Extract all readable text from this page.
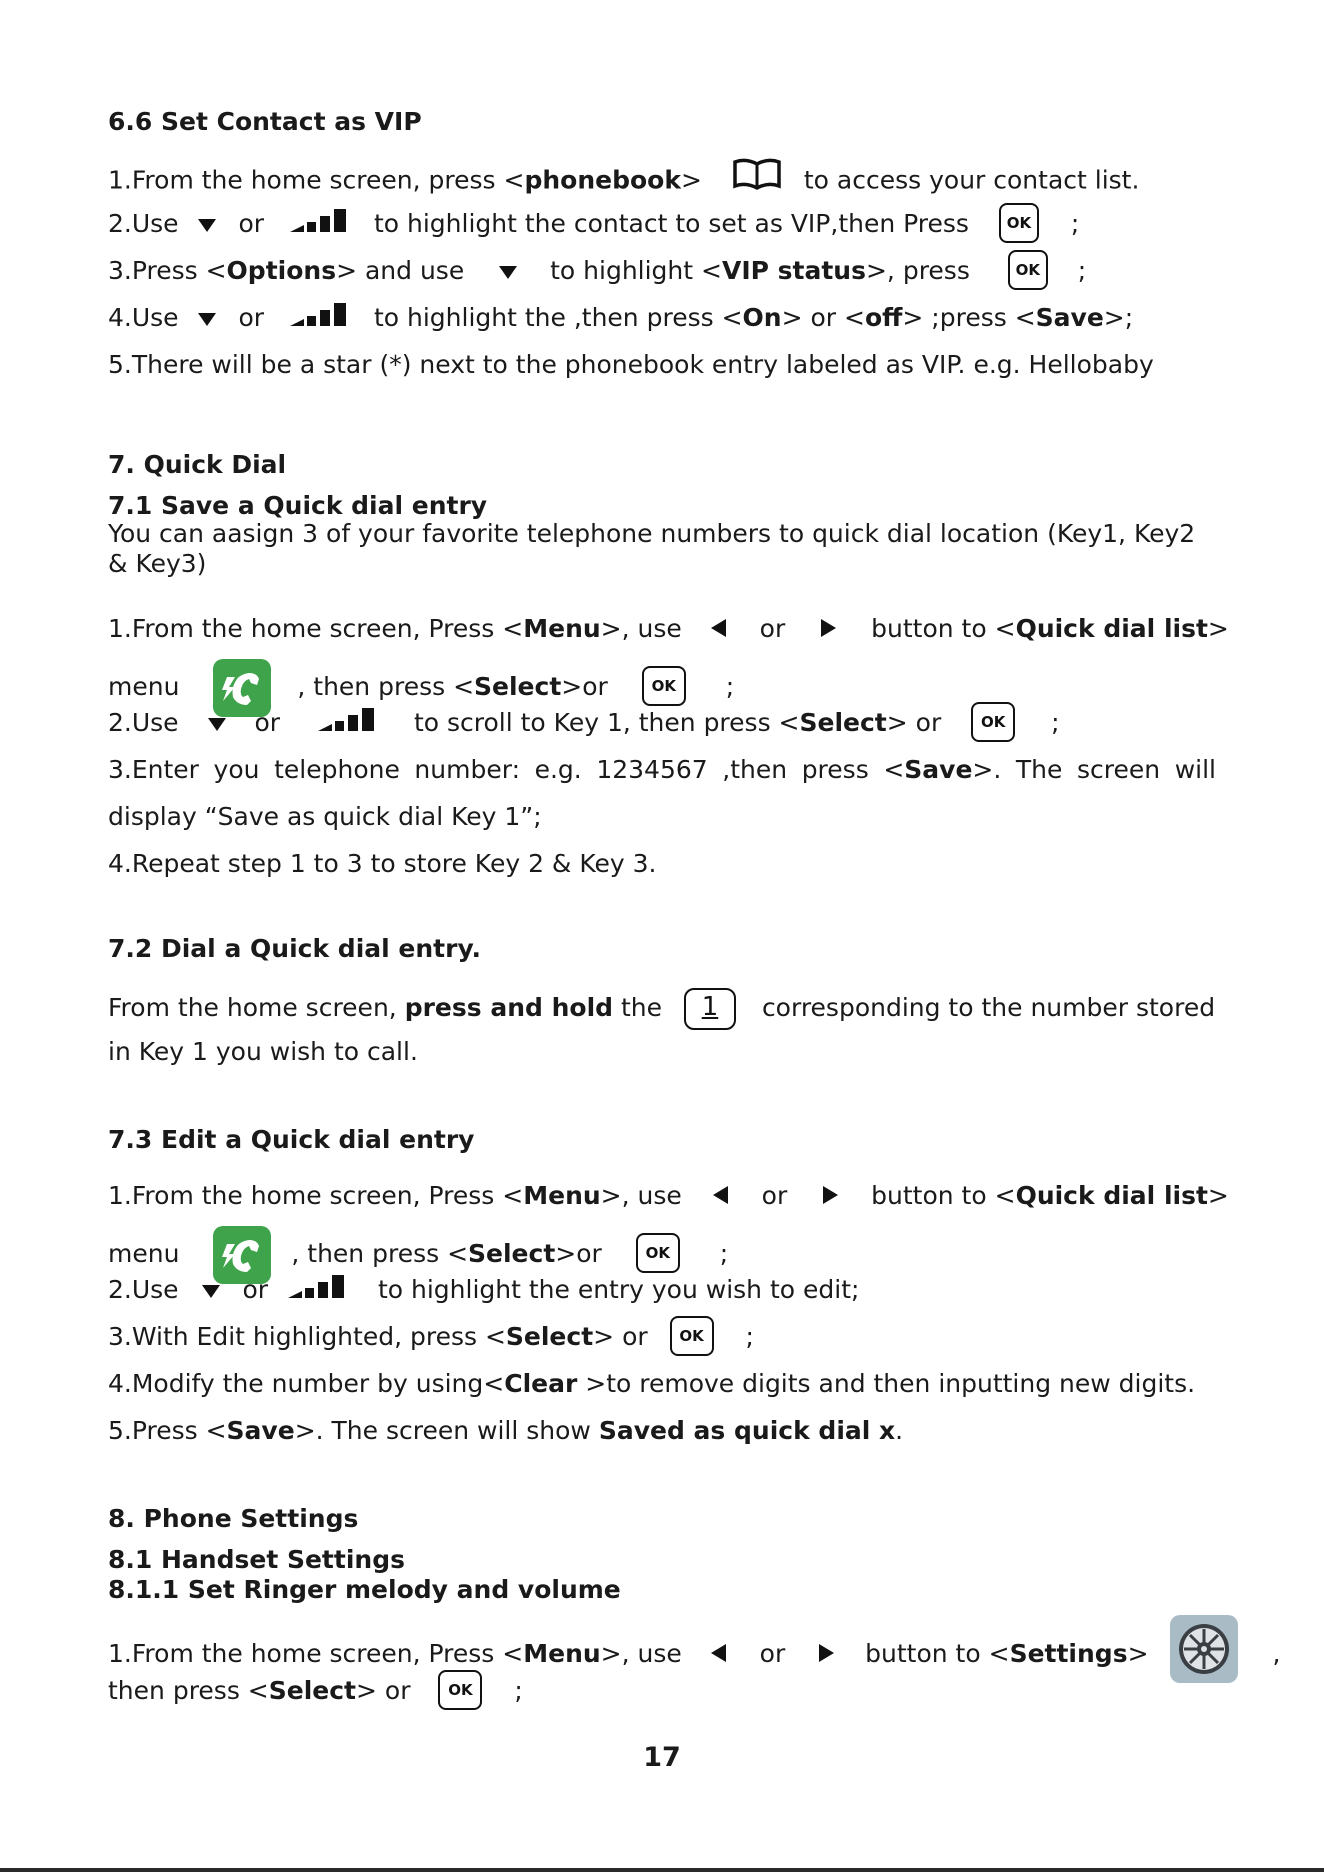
6.6 Set Contact as VIP
1.From the home screen, press <phonebook>	to access your contact list.
2.Use or	to highlight the contact to set as VIP,then Press	OK ;
3.Press <Options> and use	to highlight <VIP status>, press	OK ;
4.Use or	to highlight the ,then press <On> or <off> ;press <Save>;
5.There will be a star (*) next to the phonebook entry labeled as VIP. e.g. Hellobaby
7. Quick Dial
7.1 Save a Quick dial entry
You can aasign 3 of your favorite telephone numbers to quick dial location (Key1, Key2 & Key3)
1.From the home screen, Press <Menu>, use	or	button to <Quick dial list>
menu	, then press <Select>or	OK ;
2.Use	or	to scroll to Key 1, then press <Select> or	OK ;
3.Enter you telephone number: e.g. 1234567 ,then press <Save>. The screen will
display “Save as quick dial Key 1”;
4.Repeat step 1 to 3 to store Key 2 & Key 3.
7.2 Dial a Quick dial entry.
From the home screen, press and hold the 1 corresponding to the number stored
in Key 1 you wish to call.
7.3 Edit a Quick dial entry
1.From the home screen, Press <Menu>, use	or	button to <Quick dial list>
menu	, then press <Select>or	OK ;
2.Use	or	to highlight the entry you wish to edit;
3.With Edit highlighted, press <Select> or OK ;
4.Modify the number by using<Clear >to remove digits and then inputting new digits.
5.Press <Save>. The screen will show Saved as quick dial x.
8. Phone Settings
8.1 Handset Settings
8.1.1 Set Ringer melody and volume
1.From the home screen, Press <Menu>, use	or	button to <Settings>	,
then press <Select> or	OK ;
17
